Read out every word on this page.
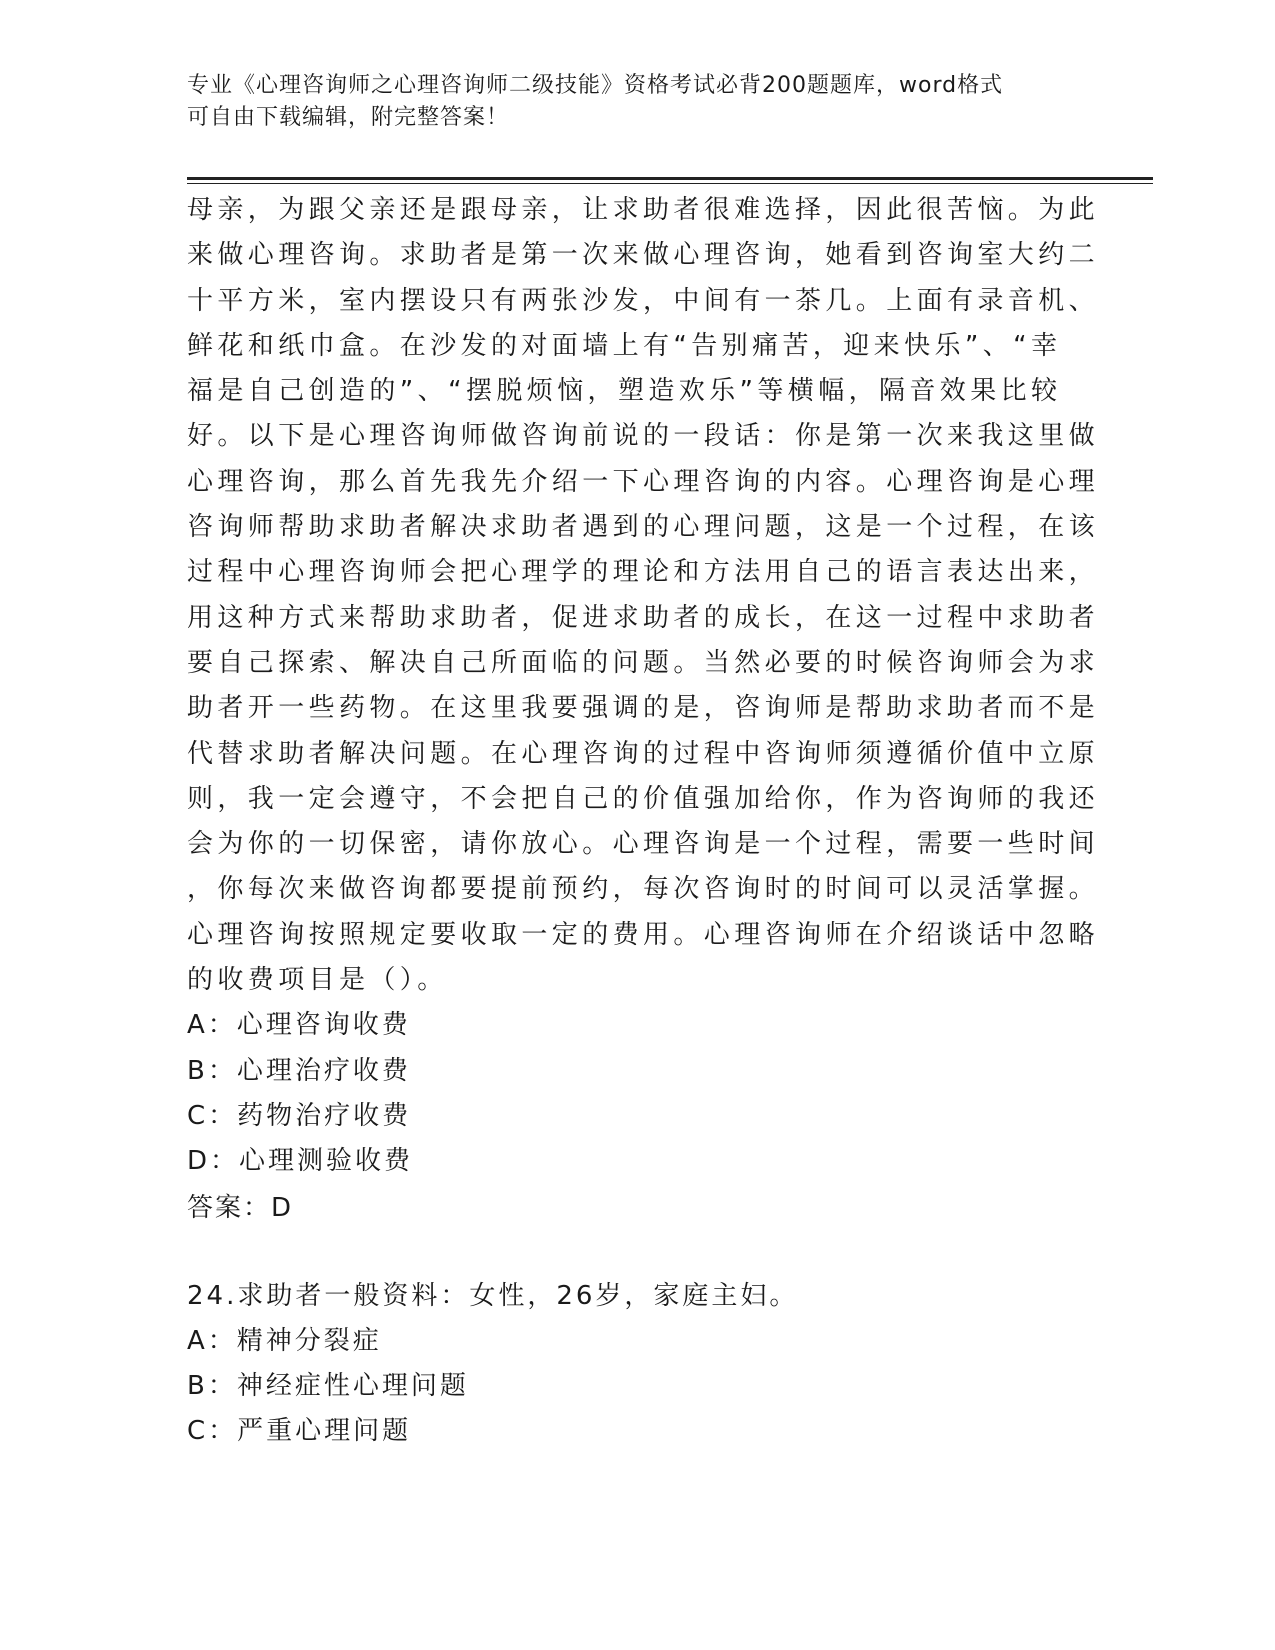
专业《心理咨询师之心理咨询师二级技能》资格考试必背200题题库，word格式
可自由下载编辑，附完整答案！
母亲，为跟父亲还是跟母亲，让求助者很难选择，因此很苦恼。为此
来做心理咨询。求助者是第一次来做心理咨询，她看到咨询室大约二
十平方米，室内摆设只有两张沙发，中间有一茶几。上面有录音机、
鲜花和纸巾盒。在沙发的对面墙上有“告别痛苦，迎来快乐”、“幸
福是自己创造的”、“摆脱烦恼，塑造欢乐”等横幅，隔音效果比较
好。以下是心理咨询师做咨询前说的一段话：你是第一次来我这里做
心理咨询，那么首先我先介绍一下心理咨询的内容。心理咨询是心理
咨询师帮助求助者解决求助者遇到的心理问题，这是一个过程，在该
过程中心理咨询师会把心理学的理论和方法用自己的语言表达出来，
用这种方式来帮助求助者，促进求助者的成长，在这一过程中求助者
要自己探索、解决自己所面临的问题。当然必要的时候咨询师会为求
助者开一些药物。在这里我要强调的是，咨询师是帮助求助者而不是
代替求助者解决问题。在心理咨询的过程中咨询师须遵循价值中立原
则，我一定会遵守，不会把自己的价值强加给你，作为咨询师的我还
会为你的一切保密，请你放心。心理咨询是一个过程，需要一些时间
，你每次来做咨询都要提前预约，每次咨询时的时间可以灵活掌握。
心理咨询按照规定要收取一定的费用。心理咨询师在介绍谈话中忽略
的收费项目是（）。
A：心理咨询收费
B：心理治疗收费
C：药物治疗收费
D：心理测验收费
答案：D
24.求助者一般资料：女性，26岁，家庭主妇。
A：精神分裂症
B：神经症性心理问题
C：严重心理问题
